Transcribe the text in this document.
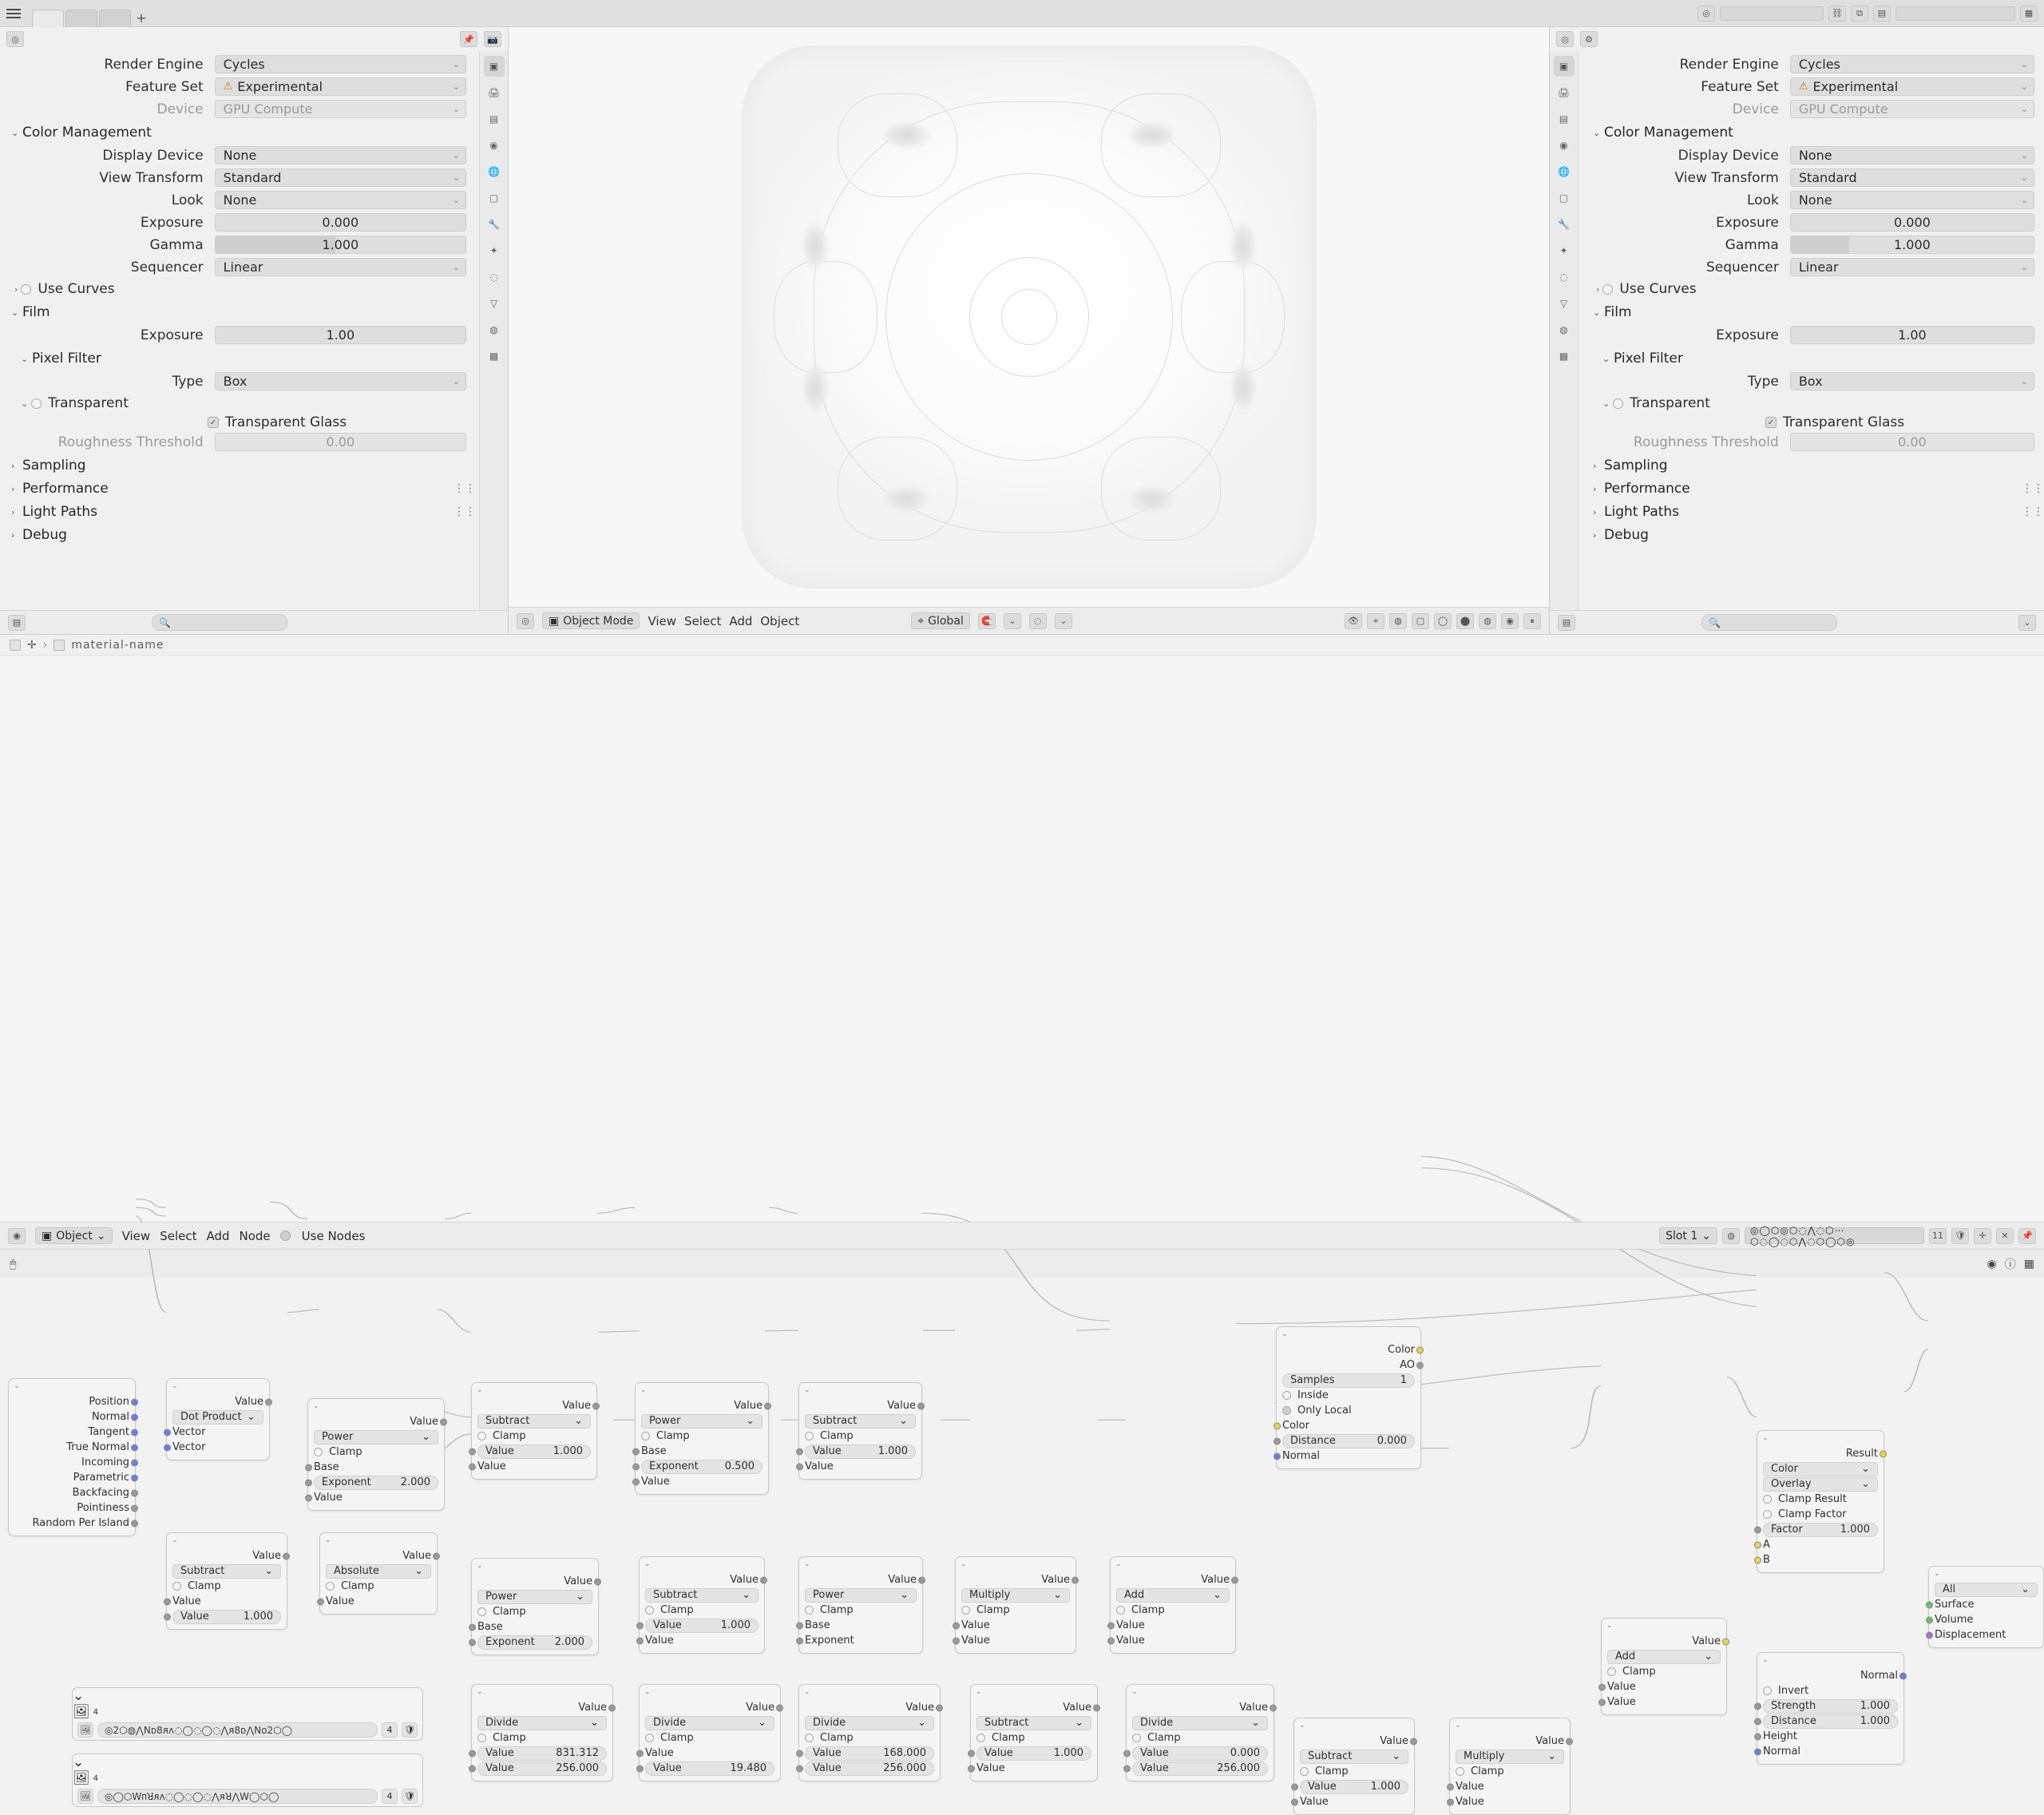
+	◎	⛓	⧉	▤	▦
◎	📌	📷
▣
🖨
▤
◉
🌐
▢
🔧
✦
◌
▽
◍
▩
Render Engine	Cycles	⌄
Feature Set	⚠ Experimental	⌄
Device	GPU Compute	⌄
⌄ Color Management
Display Device	None	⌄
View Transform	Standard	⌄
Look	None	⌄
Exposure	0.000
Gamma	1.000
Sequencer	Linear	⌄
› Use Curves
⌄ Film
Exposure	1.00
⌄ Pixel Filter
Type	Box	⌄
⌄ Transparent
✓ Transparent Glass
Roughness Threshold	0.00
› Sampling
› Performance	⋮⋮
› Light Paths	⋮⋮
› Debug
▤	🔍	◎	▣ Object Mode View Select Add Object	⌖ Global	🧲	⌄	◌	⌄	👁	⌖	◍	▢	◯	⬤	◍	◉	⏸
◎	⚙
▣
🖨
▤
◉
🌐
▢
🔧
✦
◌
▽
◍
▩
Render Engine	Cycles	⌄
Feature Set	⚠ Experimental	⌄
Device	GPU Compute	⌄
⌄ Color Management
Display Device	None	⌄
View Transform	Standard	⌄
Look	None	⌄
Exposure	0.000
Gamma	1.000
Sequencer	Linear	⌄
› Use Curves
⌄ Film
Exposure	1.00
⌄ Pixel Filter
Type	Box	⌄
⌄ Transparent
✓ Transparent Glass
Roughness Threshold	0.00
› Sampling
› Performance	⋮⋮
› Light Paths	⋮⋮
› Debug
▤	🔍	⌄
✛ › material-name
⌄
Position
Normal
Tangent
True Normal
Incoming
Parametric
Backfacing
Pointiness
Random Per Island
⌄
Value
Dot Product ⌄
Vector
Vector
⌄
Value
Power	⌄
Clamp
Base
Exponent	2.000
Value
⌄
Value
Subtract	⌄
Clamp
Value	1.000
Value
⌄
Value
Power	⌄
Clamp
Base
Exponent	0.500
Value
⌄
Value
Subtract	⌄
Clamp
Value	1.000
Value
⌄
Value
Subtract	⌄
Clamp
Value
Value	1.000
⌄
Value
Absolute	⌄
Clamp
Value
⌄
Value
Power	⌄
Clamp
Base
Exponent 2.000
⌄
Value
Subtract	⌄
Clamp
Value	1.000
Value
⌄
Value
Power	⌄
Clamp
Base
Exponent
⌄
Value
Multiply	⌄
Clamp
Value
Value
⌄
Value
Add	⌄
Clamp
Value
Value
⌄
Color
AO
Samples	1
Inside
Only Local
Color
Distance	0.000
Normal
⌄
Result
Color	⌄
Overlay	⌄
Clamp Result
Clamp Factor
Factor	1.000
A
B
⌄
All	⌄
Surface
Volume
Displacement
⌄
Normal
Invert
Strength	1.000
Distance	1.000
Height
Normal
⌄
Value
Add	⌄
Clamp
Value
Value
⌄
🖼 4
🖼	◎2⬡◍⋀Nᴅ8ᴙᴧ◌◯◌◯◌⋀ᴙ8ᴅ⋀Nᴏ2⬡◯	4	🛡
⌄
🖼 4
🖼	◎◯⬡Wᴨꓤᴙᴧ◌◯◌◯◌⋀ᴙꓤ⋀W◯⬡◯	4	🛡
⌄
Value
Divide	⌄
Clamp
Value	831.312
Value	256.000
⌄
Value
Divide	⌄
Clamp
Value
Value	19.480
⌄
Value
Divide	⌄
Clamp
Value	168.000
Value	256.000
⌄
Value
Subtract	⌄
Clamp
Value	1.000
Value
⌄
Value
Divide	⌄
Clamp
Value	0.000
Value	256.000
⌄
Value
Subtract	⌄
Clamp
Value	1.000
Value
⌄
Value
Multiply	⌄
Clamp
Value
Value
◉	▣ Object ⌄ View Select Add Node	Use Nodes	Slot 1 ⌄	◍	◎◯⬡◎⬡◌⋀◌⬡⋯⬡◌◯◌⬡⋀◌⬡◯⬡◎	11	🛡	✛	✕	📌
🖱	◉ ⓘ ▦
